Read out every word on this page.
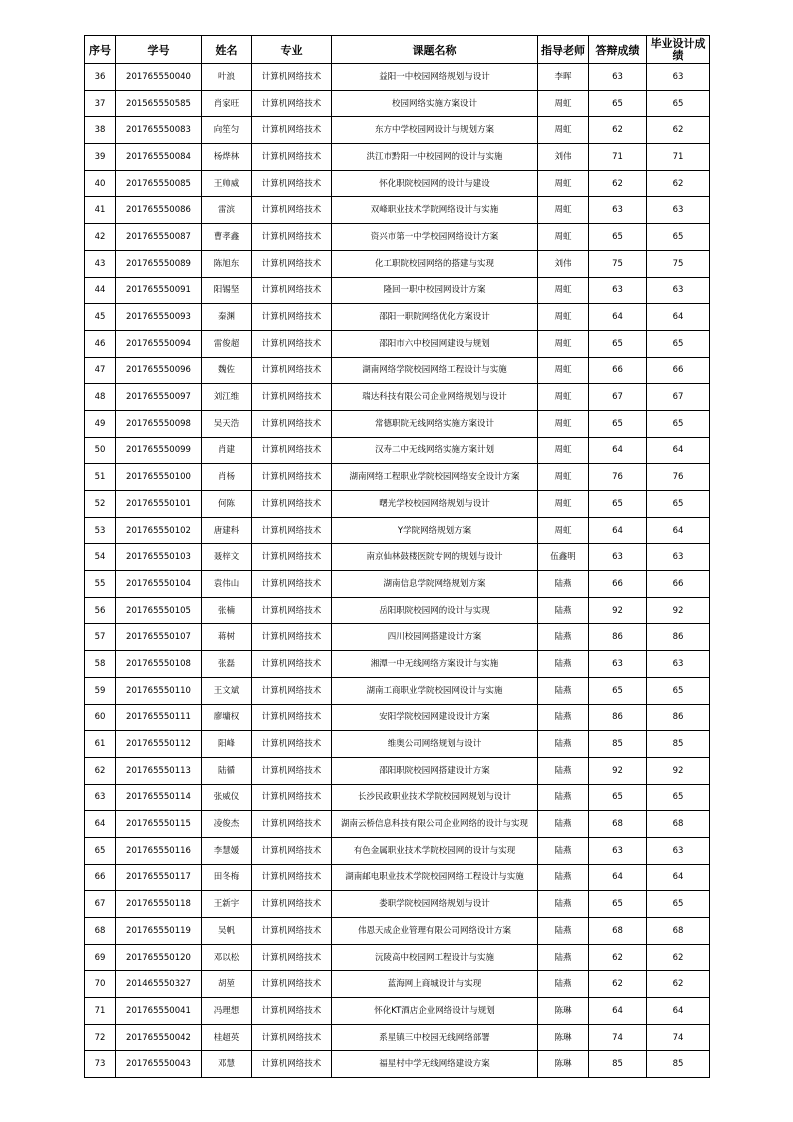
序号	学号	姓名	专业	课题名称	指导老师	答辩成绩	毕业设计成绩
36	201765550040	叶浪	计算机网络技术	益阳一中校园网络规划与设计	李晖	63	63
37	201565550585	肖家旺	计算机网络技术	校园网络实施方案设计	周虹	65	65
38	201765550083	向笙匀	计算机网络技术	东方中学校园网设计与规划方案	周虹	62	62
39	201765550084	杨烨林	计算机网络技术	洪江市黔阳一中校园网的设计与实施	刘伟	71	71
40	201765550085	王帅威	计算机网络技术	怀化职院校园网的设计与建设	周虹	62	62
41	201765550086	雷滨	计算机网络技术	双峰职业技术学院网络设计与实施	周虹	63	63
42	201765550087	曹孝鑫	计算机网络技术	资兴市第一中学校园网络设计方案	周虹	65	65
43	201765550089	陈旭东	计算机网络技术	化工职院校园网络的搭建与实现	刘伟	75	75
44	201765550091	阳锡坚	计算机网络技术	隆回一职中校园网设计方案	周虹	63	63
45	201765550093	秦渊	计算机网络技术	邵阳一职院网络优化方案设计	周虹	64	64
46	201765550094	雷俊超	计算机网络技术	邵阳市六中校园网建设与规划	周虹	65	65
47	201765550096	魏佐	计算机网络技术	湖南网络学院校园网络工程设计与实施	周虹	66	66
48	201765550097	刘江维	计算机网络技术	瑞达科技有限公司企业网络规划与设计	周虹	67	67
49	201765550098	吴天浩	计算机网络技术	常德职院无线网络实施方案设计	周虹	65	65
50	201765550099	肖建	计算机网络技术	汉寿二中无线网络实施方案计划	周虹	64	64
51	201765550100	肖杨	计算机网络技术	湖南网络工程职业学院校园网络安全设计方案	周虹	76	76
52	201765550101	何陈	计算机网络技术	曙光学校校园网络规划与设计	周虹	65	65
53	201765550102	唐建科	计算机网络技术	Y学院网络规划方案	周虹	64	64
54	201765550103	聂梓文	计算机网络技术	南京仙林鼓楼医院专网的规划与设计	伍鑫明	63	63
55	201765550104	袁伟山	计算机网络技术	湖南信息学院网络规划方案	陆燕	66	66
56	201765550105	张楠	计算机网络技术	岳阳职院校园网的设计与实现	陆燕	92	92
57	201765550107	蒋树	计算机网络技术	四川校园网搭建设计方案	陆燕	86	86
58	201765550108	张磊	计算机网络技术	湘潭一中无线网络方案设计与实施	陆燕	63	63
59	201765550110	王文斌	计算机网络技术	湖南工商职业学院校园网设计与实施	陆燕	65	65
60	201765550111	廖墉权	计算机网络技术	安阳学院校园网建设设计方案	陆燕	86	86
61	201765550112	阳峰	计算机网络技术	维奥公司网络规划与设计	陆燕	85	85
62	201765550113	陆循	计算机网络技术	邵阳职院校园网搭建设计方案	陆燕	92	92
63	201765550114	张威仪	计算机网络技术	长沙民政职业技术学院校园网规划与设计	陆燕	65	65
64	201765550115	凌俊杰	计算机网络技术	湖南云桥信息科技有限公司企业网络的设计与实现	陆燕	68	68
65	201765550116	李慧媛	计算机网络技术	有色金属职业技术学院校园网的设计与实现	陆燕	63	63
66	201765550117	田冬梅	计算机网络技术	湖南邮电职业技术学院校园网络工程设计与实施	陆燕	64	64
67	201765550118	王新宇	计算机网络技术	娄职学院校园网络规划与设计	陆燕	65	65
68	201765550119	吴帆	计算机网络技术	伟恩天成企业管理有限公司网络设计方案	陆燕	68	68
69	201765550120	邓以松	计算机网络技术	沅陵高中校园网工程设计与实施	陆燕	62	62
70	201465550327	胡堃	计算机网络技术	蓝海网上商城设计与实现	陆燕	62	62
71	201765550041	冯理想	计算机网络技术	怀化KT酒店企业网络设计与规划	陈琳	64	64
72	201765550042	桂超英	计算机网络技术	系星镇三中校园无线网络部署	陈琳	74	74
73	201765550043	邓慧	计算机网络技术	福星村中学无线网络建设方案	陈琳	85	85
